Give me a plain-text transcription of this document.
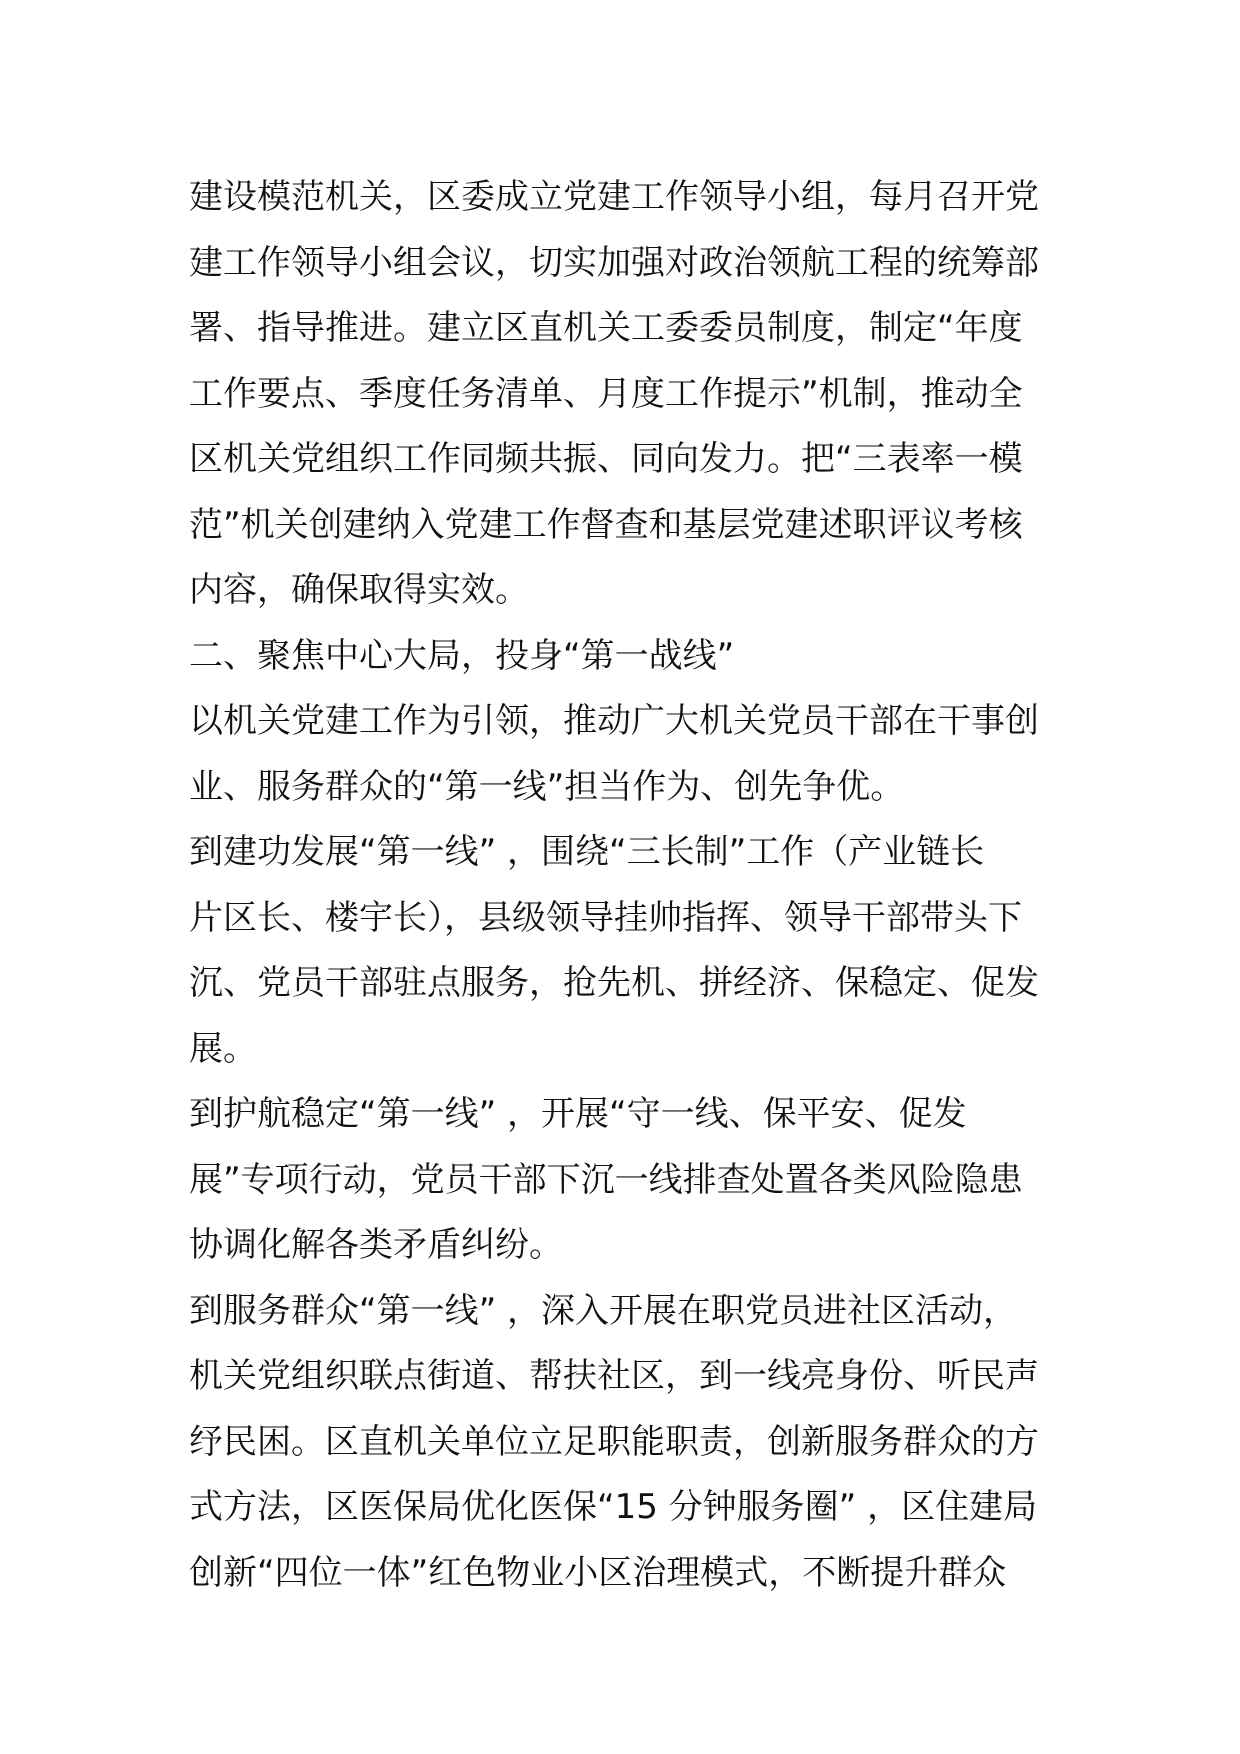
建设模范机关，区委成立党建工作领导小组，每月召开党
建工作领导小组会议，切实加强对政治领航工程的统筹部
署、指导推进。建立区直机关工委委员制度，制定“年度
工作要点、季度任务清单、月度工作提示”机制，推动全
区机关党组织工作同频共振、同向发力。把“三表率一模
范”机关创建纳入党建工作督查和基层党建述职评议考核
内容，确保取得实效。
二、聚焦中心大局，投身“第一战线”
以机关党建工作为引领，推动广大机关党员干部在干事创
业、服务群众的“第一线”担当作为、创先争优。
到建功发展“第一线” ，围绕“三长制”工作（产业链长
片区长、楼宇长），县级领导挂帅指挥、领导干部带头下
沉、党员干部驻点服务，抢先机、拼经济、保稳定、促发
展。
到护航稳定“第一线” ，开展“守一线、保平安、促发
展”专项行动，党员干部下沉一线排查处置各类风险隐患
协调化解各类矛盾纠纷。
到服务群众“第一线” ，深入开展在职党员进社区活动，
机关党组织联点街道、帮扶社区，到一线亮身份、听民声
纾民困。区直机关单位立足职能职责，创新服务群众的方
式方法，区医保局优化医保“15 分钟服务圈” ，区住建局
创新“四位一体”红色物业小区治理模式，不断提升群众
